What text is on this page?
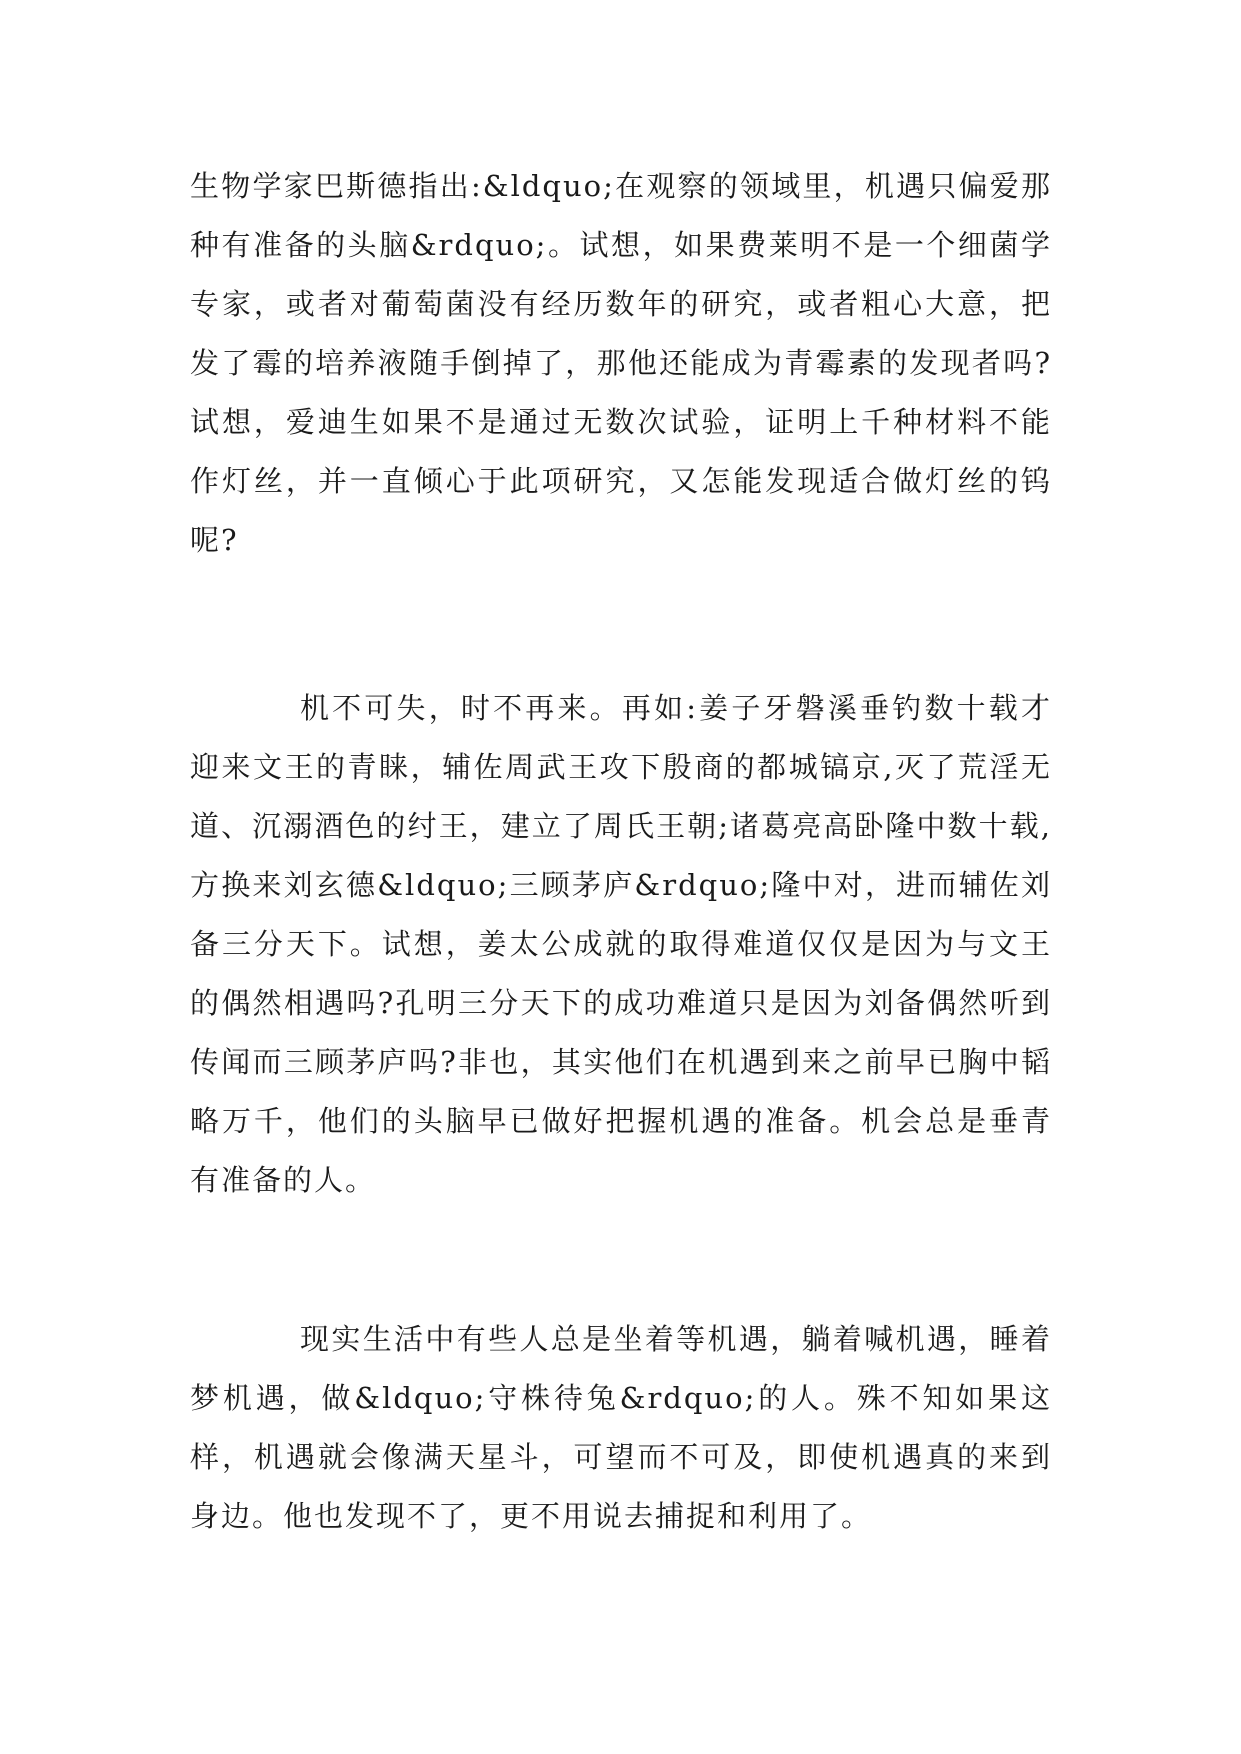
生物学家巴斯德指出:&ldquo;在观察的领域里，机遇只偏爱那种有准备的头脑&rdquo;。试想，如果费莱明不是一个细菌学专家，或者对葡萄菌没有经历数年的研究，或者粗心大意，把发了霉的培养液随手倒掉了，那他还能成为青霉素的发现者吗?试想，爱迪生如果不是通过无数次试验，证明上千种材料不能作灯丝，并一直倾心于此项研究，又怎能发现适合做灯丝的钨呢?

机不可失，时不再来。再如:姜子牙磐溪垂钓数十载才迎来文王的青睐，辅佐周武王攻下殷商的都城镐京,灭了荒淫无道、沉溺酒色的纣王，建立了周氏王朝;诸葛亮高卧隆中数十载,方换来刘玄德&ldquo;三顾茅庐&rdquo;隆中对，进而辅佐刘备三分天下。试想，姜太公成就的取得难道仅仅是因为与文王的偶然相遇吗?孔明三分天下的成功难道只是因为刘备偶然听到传闻而三顾茅庐吗?非也，其实他们在机遇到来之前早已胸中韬略万千，他们的头脑早已做好把握机遇的准备。机会总是垂青有准备的人。

现实生活中有些人总是坐着等机遇，躺着喊机遇，睡着梦机遇，做&ldquo;守株待兔&rdquo;的人。殊不知如果这样，机遇就会像满天星斗，可望而不可及，即使机遇真的来到身边。他也发现不了，更不用说去捕捉和利用了。
